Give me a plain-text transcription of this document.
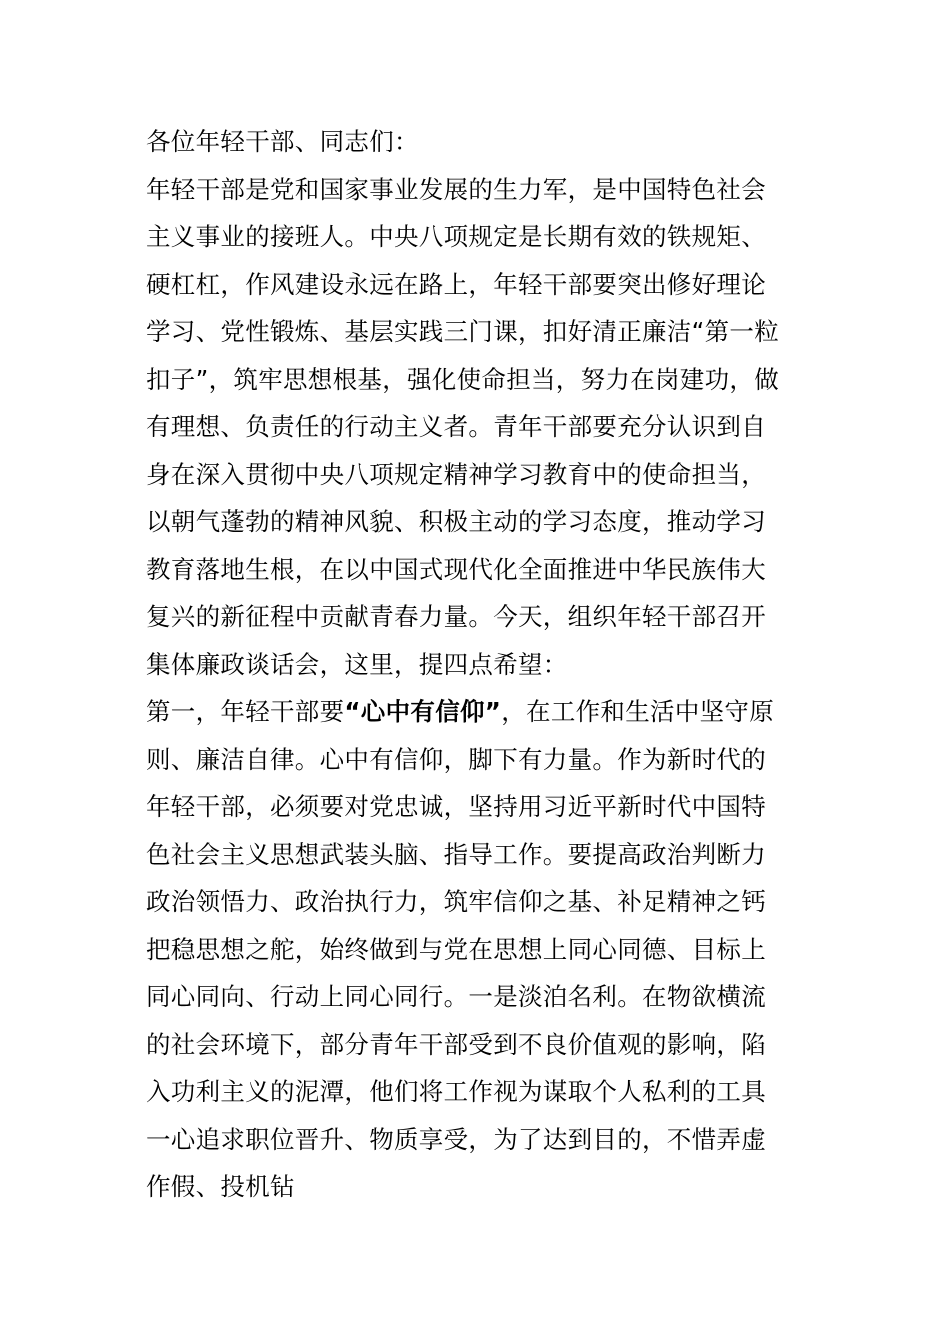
各位年轻干部、同志们：
年轻干部是党和国家事业发展的生力军，是中国特色社会
主义事业的接班人。中央八项规定是长期有效的铁规矩、
硬杠杠，作风建设永远在路上，年轻干部要突出修好理论
学习、党性锻炼、基层实践三门课，扣好清正廉洁“第一粒
扣子”，筑牢思想根基，强化使命担当，努力在岗建功，做
有理想、负责任的行动主义者。青年干部要充分认识到自
身在深入贯彻中央八项规定精神学习教育中的使命担当，
以朝气蓬勃的精神风貌、积极主动的学习态度，推动学习
教育落地生根，在以中国式现代化全面推进中华民族伟大
复兴的新征程中贡献青春力量。今天，组织年轻干部召开
集体廉政谈话会，这里，提四点希望：
第一，年轻干部要“心中有信仰”，在工作和生活中坚守原
则、廉洁自律。心中有信仰，脚下有力量。作为新时代的
年轻干部，必须要对党忠诚，坚持用习近平新时代中国特
色社会主义思想武装头脑、指导工作。要提高政治判断力
政治领悟力、政治执行力，筑牢信仰之基、补足精神之钙
把稳思想之舵，始终做到与党在思想上同心同德、目标上
同心同向、行动上同心同行。一是淡泊名利。在物欲横流
的社会环境下，部分青年干部受到不良价值观的影响，陷
入功利主义的泥潭，他们将工作视为谋取个人私利的工具
一心追求职位晋升、物质享受，为了达到目的，不惜弄虚
作假、投机钻
